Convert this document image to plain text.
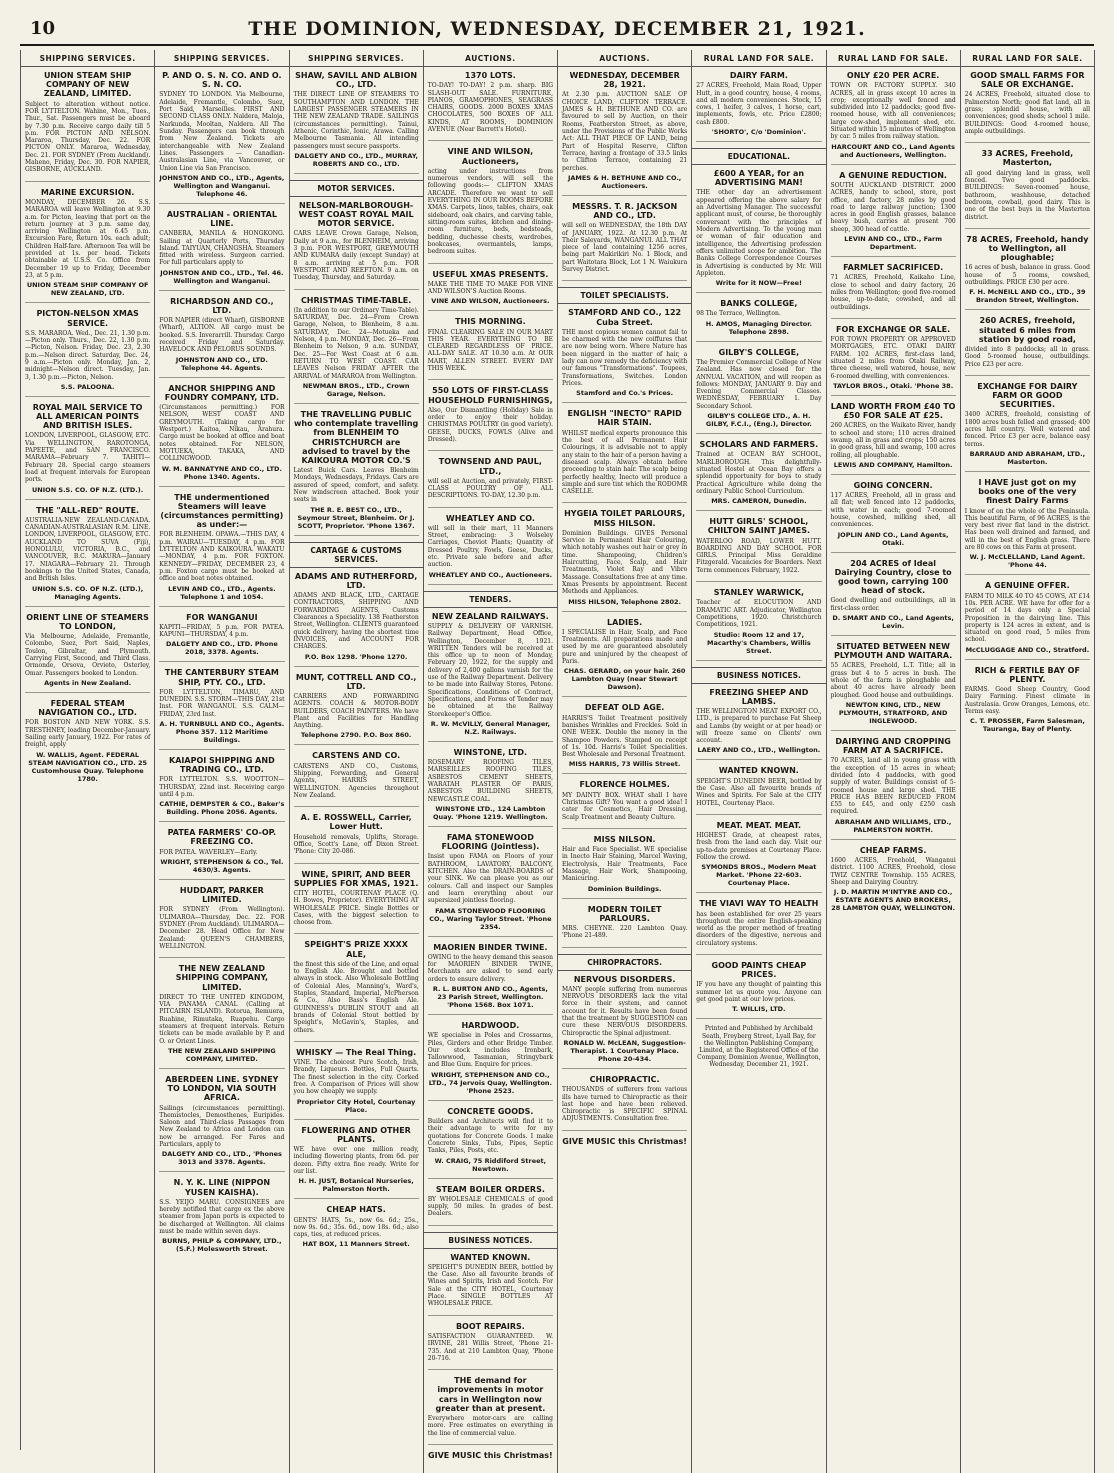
10	THE DOMINION, WEDNESDAY, DECEMBER 21, 1921.
SHIPPING SERVICES.
UNION STEAM SHIP COMPANY OF NEW ZEALAND, LIMITED.

Subject to alteration without notice. FOR LYTTELTON. Wahine, Mon., Tues., Thur., Sat. Passengers must be aboard by 7.30 p.m. Receive cargo daily till 5 p.m. FOR PICTON AND NELSON. Mararoa, Thursday, Dec. 22. FOR PICTON ONLY. Mararoa, Wednesday, Dec. 21. FOR SYDNEY (From Auckland). Maheno, Friday, Dec. 30. FOR NAPIER, GISBORNE, AUCKLAND.

MARINE EXCURSION.

MONDAY, DECEMBER 26. S.S. MARAROA will leave Wellington at 9.30 a.m. for Picton, leaving that port on the return journey at 3 p.m. same day, arriving Wellington at 6.45 p.m. Excursion Fare, Return 10s. each adult; Children Half-fare. Afternoon Tea will be provided at 1s. per head. Tickets obtainable at U.S.S. Co. Office from December 19 up to Friday, December 23, at 5 p.m.

UNION STEAM SHIP COMPANY OF NEW ZEALAND, LTD.
PICTON-NELSON XMAS SERVICE.

S.S. MARAROA. Wed., Dec. 21, 1.30 p.m.—Picton only. Thurs., Dec. 22, 1.30 p.m.—Picton, Nelson. Friday, Dec. 23, 2.30 p.m.—Nelson direct. Saturday, Dec. 24, 9 a.m.—Picton only. Monday, Jan. 2, midnight—Nelson direct. Tuesday, Jan. 3, 1.30 p.m.—Picton, Nelson.

S.S. PALOONA.
ROYAL MAIL SERVICE TO ALL AMERICAN POINTS AND BRITISH ISLES.

LONDON, LIVERPOOL, GLASGOW, ETC. Via WELLINGTON, RAROTONGA, PAPEETE, and SAN FRANCISCO. MARAMA—February 7. TAHITI—February 28. Special cargo steamers load at frequent intervals for European ports.

UNION S.S. CO. OF N.Z. (LTD.).
THE "ALL-RED" ROUTE.

AUSTRALIA-NEW ZEALAND-CANADA. CANADIAN-AUSTRALASIAN R.M. LINE. LONDON, LIVERPOOL, GLASGOW, ETC. AUCKLAND TO SUVA (Fiji), HONOLULU, VICTORIA, B.C., and VANCOUVER, B.C. MAKURA—January 17. NIAGARA—February 21. Through bookings to the United States, Canada, and British Isles.

UNION S.S. CO. OF N.Z. (LTD.), Managing Agents.
ORIENT LINE OF STEAMERS TO LONDON,

Via Melbourne, Adelaide, Fremantle, Colombo, Suez, Port Said, Naples, Toulon, Gibraltar, and Plymouth. Carrying First, Second, and Third Class. Ormonde, Orsova, Orvieto, Osterley, Omar. Passengers booked to London.

Agents in New Zealand.
FEDERAL STEAM NAVIGATION CO., LTD.

FOR BOSTON AND NEW YORK. S.S. TRESTHNEY, loading December-January. Sailing early January, 1922. For rates of freight, apply

W. WALLIS, Agent. FEDERAL STEAM NAVIGATION CO., LTD. 25 Customhouse Quay. Telephone 1780.
SHIPPING SERVICES.
P. AND O. S. N. CO. AND O. S. N. CO.

SYDNEY TO LONDON. Via Melbourne, Adelaide, Fremantle, Colombo, Suez, Port Said, Marseilles. FIRST AND SECOND CLASS ONLY. Naldera, Maloja, Narkunda, Mooltan, Naldera. All The Sunday. Passengers can book through from New Zealand. Tickets are interchangeable with New Zealand Lines. Passengers — Canadian-Australasian Line, via Vancouver, or Union Line via San Francisco.

JOHNSTON AND CO., LTD., Agents, Wellington and Wanganui. Telephone 46.
AUSTRALIAN - ORIENTAL LINE.

CANBERA, MANILA & HONGKONG. Sailing at Quarterly Ports, Thursday Island. TAIYUAN, CHANGSHA. Steamers fitted with wireless. Surgeon carried. For full particulars apply to

JOHNSTON AND CO., LTD., Tel. 46. Wellington and Wanganui.
RICHARDSON AND CO., LTD.

FOR NAPIER (direct Wharf), GISBORNE (Wharf), ALTION. All cargo must be booked. S.S. Inverarrill. Thursday. Cargo received Friday and Saturday. HAVELOCK AND PELORUS SOUNDS.

JOHNSTON AND CO., LTD. Telephone 44. Agents.
ANCHOR SHIPPING AND FOUNDRY COMPANY, LTD.

(Circumstances permitting.) FOR NELSON, WEST COAST AND GREYMOUTH. (Taking cargo for Westport.) Kaitoa, Nikau, Arahura. Cargo must be booked at office and boat notes obtained. For NELSON, MOTUEKA, TAKAKA, AND COLLINGWOOD.

W. M. BANNATYNE AND CO., LTD. Phone 1340. Agents.
THE undermentioned Steamers will leave (circumstances permitting) as under:—

FOR BLENHEIM. OPAWA.—THIS DAY, 4 p.m. WAIRAU—TUESDAY, 4 p.m. FOR LYTTELTON AND KAIKOURA. WAKATU—MONDAY, 4 p.m. FOR FOXTON. KENNEDY—FRIDAY, DECEMBER 23, 4 p.m. Foxton cargo must be booked at office and boat notes obtained.

LEVIN AND CO., LTD., Agents. Telephone 1 and 1054.
FOR WANGANUI

KAPITI—FRIDAY, 5 p.m. FOR PATEA. KAPUNI—THURSDAY, 4 p.m.

DALGETY AND CO., LTD. Phone 2018, 3378. Agents.
THE CANTERBURY STEAM SHIP, PTY. CO., LTD.

FOR LYTTELTON, TIMARU, AND DUNEDIN. S.S. STORM—THIS DAY, 21st Inst. FOR WANGANUI. S.S. CALM—FRIDAY, 23rd Inst.

A. H. TURNBULL AND CO., Agents. Phone 357. 112 Maritime Buildings.
KAIAPOI SHIPPING AND TRADING CO., LTD.

FOR LYTTELTON. S.S. WOOTTON—THURSDAY, 22nd inst. Receiving cargo until 4 p.m.

CATHIE, DEMPSTER & CO., Baker's Building. Phone 2056. Agents.
PATEA FARMERS' CO-OP. FREEZING CO.

FOR PATEA. WAVERLEY—Early.

WRIGHT, STEPHENSON & CO., Tel. 4630/3. Agents.
HUDDART, PARKER LIMITED.

FOR SYDNEY (From Wellington). ULIMAROA—Thursday, Dec. 22. FOR SYDNEY (From Auckland). ULIMAROA—December 28. Head Office for New Zealand: QUEEN'S CHAMBERS, WELLINGTON.

THE NEW ZEALAND SHIPPING COMPANY, LIMITED.

DIRECT TO THE UNITED KINGDOM, VIA PANAMA CANAL (Calling at PITCAIRN ISLAND). Rotorua, Remuera, Ruahine, Rimutaka, Ruapehu. Cargo steamers at frequent intervals. Return tickets can be made available by P. and O. or Orient Lines.

THE NEW ZEALAND SHIPPING COMPANY, LIMITED.
ABERDEEN LINE. SYDNEY TO LONDON, VIA SOUTH AFRICA.

Sailings (circumstances permitting). Themistocles, Demosthenes, Euripides. Saloon and Third-class Passages from New Zealand to Africa and London can now be arranged. For Fares and Particulars, apply to

DALGETY AND CO., LTD., 'Phones 3013 and 3378. Agents.
N. Y. K. LINE (NIPPON YUSEN KAISHA).

S.S. YEIJO MARU. CONSIGNEES are hereby notified that cargo ex the above steamer from Japan ports is expected to be discharged at Wellington. All claims must be made within seven days.

BURNS, PHILP & COMPANY, LTD., (S.F.) Molesworth Street.
SHIPPING SERVICES.
SHAW, SAVILL AND ALBION CO., LTD.

THE DIRECT LINE OF STEAMERS TO SOUTHAMPTON AND LONDON. THE LARGEST PASSENGER STEAMERS IN THE NEW ZEALAND TRADE. SAILINGS (circumstances permitting). Tainui, Athenic, Corinthic, Ionic, Arawa. Calling Melbourne Tasmania. All intending passengers must secure passports.

DALGETY AND CO., LTD., MURRAY, ROBERTS AND CO., LTD.
MOTOR SERVICES.
NELSON-MARLBOROUGH-WEST COAST ROYAL MAIL MOTOR SERVICE.

CARS LEAVE Crown Garage, Nelson, Daily at 9 a.m., for BLENHEIM, arriving 3 p.m. FOR WESTPORT, GREYMOUTH AND KUMARA daily (except Sunday) at 8 a.m. arriving at 5 p.m. FOR WESTPORT AND REEFTON. 9 a.m. on Tuesday, Thursday, and Saturday.

CHRISTMAS TIME-TABLE.

(In addition to our Ordinary Time-Table). SATURDAY, Dec. 24—From Crown Garage, Nelson, to Blenheim, 8 a.m. SATURDAY, Dec. 24—Motueka and Nelson, 4 p.m. MONDAY, Dec. 26—From Blenheim to Nelson, 9 a.m. SUNDAY, Dec. 25—For West Coast at 6 a.m. RETURN TO WEST COAST. CAR LEAVES Nelson FRIDAY AFTER the ARRIVAL of MARAROA from Wellington.

NEWMAN BROS., LTD., Crown Garage, Nelson.
THE TRAVELLING PUBLIC who contemplate travelling from BLENHEIM TO CHRISTCHURCH are advised to travel by the KAIKOURA MOTOR CO.'S

Latest Buick Cars. Leaves Blenheim Mondays, Wednesdays, Fridays. Cars are assured of speed, comfort, and safety. New windscreen attached. Book your seats in

THE R. E. BEST CO., LTD., Seymour Street, Blenheim. Or J. SCOTT, Proprietor. 'Phone 1367.
CARTAGE & CUSTOMS SERVICES.
ADAMS AND RUTHERFORD, LTD.

ADAMS AND BLACK, LTD., CARTAGE CONTRACTORS, SHIPPING AND FORWARDING AGENTS, Customs Clearances a Speciality. 138 Featherston Street, Wellington. CLIENTS guaranteed quick delivery, having the shortest time INVOICES, and ACCOUNT FOR CHARGES.

P.O. Box 1298. 'Phone 1270.
MUNT, COTTRELL AND CO., LTD.

CARRIERS AND FORWARDING AGENTS. COACH & MOTOR-BODY BUILDERS, COACH PAINTERS. We have Plant and Facilities for Handling Anything.

Telephone 2790. P.O. Box 860.
CARSTENS AND CO.

CARSTENS AND CO., Customs, Shipping, Forwarding, and General Agents, HARRIS STREET, WELLINGTON. Agencies throughout New Zealand.

A. E. ROSSWELL, Carrier, Lower Hutt.

Household removals, Uplifts, Storage. Office, Scott's Lane, off Dixon Street. 'Phone: City 20-086.

WINE, SPIRIT, AND BEER SUPPLIES FOR XMAS, 1921.

CITY HOTEL, COURTENAY PLACE (Q. H. Bowes, Proprietor). EVERYTHING AT WHOLESALE PRICE. Single Bottles or Cases, with the biggest selection to choose from.

SPEIGHT'S PRIZE XXXX ALE,

the finest this side of the Line, and equal to English Ale. Brought and bottled always in stock. Also Wholesale Bottling of Colonial Ales, Manning's, Ward's, Staples, Standard, Imperial, McPherson & Co., Also Bass's English Ale. GUINNESS's DUBLIN STOUT and all brands of Colonial Stout bottled by Speight's, McGavin's, Staples, and others.

WHISKY — The Real Thing.

VINE. The choicest Pure Scotch, Irish, Brandy, Liqueurs. Bottles, Full Quarts. The finest selection in the city. Corked free. A Comparison of Prices will show you how cheaply we supply.

Proprietor City Hotel, Courtenay Place.
FLOWERING AND OTHER PLANTS.

WE have over one million ready, including flowering plants, from 6d. per dozen. Fifty extra fine ready. Write for our list.

H. H. JUST, Botanical Nurseries, Palmerston North.
CHEAP HATS.

GENTS' HATS, 5s., now 6s. 6d.; 25s., now 9s. 6d.; 35s. 6d., now 18s. 6d.; also caps, ties, at reduced prices.

HAT BOX, 11 Manners Street.
AUCTIONS.
1370 LOTS.

TO-DAY! TO-DAY! 2 p.m. sharp. BIG SLASH-OUT SALE. FURNITURE, PIANOS, GRAMOPHONES, SEAGRASS CHAIRS, GOODS. 2000 BOXES XMAS CHOCOLATES, 500 BOXES OF ALL KINDS, AT ROOMS, DOMINION AVENUE (Near Barrett's Hotel).

VINE AND WILSON, Auctioneers,

acting under instructions from numerous vendors, will sell the following goods:— CLIFTON XMAS ARCADE. Therefore we want to sell EVERYTHING IN OUR ROOMS BEFORE XMAS. Carpets, linos, tables, chairs, oak sideboard, oak chairs, and carving table, sitting-room suites, kitchen and dining-room furniture, beds, bedsteads, bedding, duchesse chests, wardrobes, bookcases, overmantels, lamps, bedroom suites.

USEFUL XMAS PRESENTS.

MAKE THE TIME TO MAKE FOR VINE AND WILSON'S Auction Rooms.

VINE AND WILSON, Auctioneers.
THIS MORNING.

FINAL CLEARING SALE IN OUR MART THIS YEAR. EVERYTHING TO BE CLEARED REGARDLESS OF PRICE. ALL-DAY SALE. AT 10.30 a.m. At OUR MART, ALLEN STREET. EVERY DAY THIS WEEK.

550 LOTS OF FIRST-CLASS HOUSEHOLD FURNISHINGS,

Also, Our Dismantling (Holiday) Sale in order to enjoy their holiday. CHRISTMAS POULTRY (in good variety). GEESE, DUCKS, FOWLS (Alive and Dressed).

TOWNSEND AND PAUL, LTD.,

will sell at Auction, and privately, FIRST-CLASS POULTRY OF ALL DESCRIPTIONS. TO-DAY, 12.30 p.m.

WHEATLEY AND CO.

will sell in their mart, 11 Manners Street, embracing: 3 Wolseley Carriages, Cheviot Plants; Quantity of Dressed Poultry, Fowls, Geese, Ducks, etc. Private sale before and after auction.

WHEATLEY AND CO., Auctioneers.
TENDERS.
NEW ZEALAND RAILWAYS.

SUPPLY & DELIVERY OF VARNISH. Railway Department, Head Office, Wellington, December 8, 1921. WRITTEN Tenders will be received at this office up to noon of Monday, February 20, 1922, for the supply and delivery of 2,400 gallons varnish for the use of the Railway Department. Delivery to be made into Railway Stores, Petone. Specifications, Conditions of Contract, Specifications, and Forms of Tender may be obtained at the Railway Storekeeper's Office.

R. W. McVILLY, General Manager, N.Z. Railways.
WINSTONE, LTD.

ROSEMARY ROOFING TILES, MARSEILLES ROOFING TILES, ASBESTOS CEMENT SHEETS, WARATAH PLASTER OF PARIS, ASBESTOS BUILDING SHEETS, NEWCASTLE COAL.

WINSTONE LTD., 124 Lambton Quay. 'Phone 1219. Wellington.
FAMA STONEWOOD FLOORING (Jointless).

Insist upon FAMA on Floors of your BATHROOM, LAVATORY, BALCONY, KITCHEN. Also the DRAIN-BOARDS of your SINK. We can please you as our colours. Call and inspect our Samples and learn everything about our supersized jointless flooring.

FAMA STONEWOOD FLOORING CO., Waring Taylor Street. 'Phone 2354.
MAORIEN BINDER TWINE.

OWING to the heavy demand this season for MAORIEN BINDER TWINE, Merchants are asked to send early orders to ensure delivery.

R. L. BURTON AND CO., Agents, 23 Parish Street, Wellington. 'Phone 1568. Box 1071.
HARDWOOD.

WE specialise in Poles and Crossarms, Piles, Girders and other Bridge Timber. Our stock includes Ironbark, Tallowwood, Tasmanian, Stringybark and Blue Gum. Enquire for prices.

WRIGHT, STEPHENSON AND CO., LTD., 74 Jervois Quay, Wellington. 'Phone 2523.
CONCRETE GOODS.

Builders and Architects will find it to their advantage to write for my quotations for Concrete Goods. I make Concrete Sinks, Tubs, Pipes, Septic Tanks, Piles, Posts, etc.

W. CRAIG, 75 Riddiford Street, Newtown.
STEAM BOILER ORDERS.

BY WHOLESALE CHEMICALS of good supply, 50 miles. In grades of best. Dealers.

BUSINESS NOTICES.
WANTED KNOWN.

SPEIGHT'S DUNEDIN BEER, bottled by the Case. Also all favourite brands of Wines and Spirits, Irish and Scotch. For Sale at the CITY HOTEL, Courtenay Place. SINGLE BOTTLES AT WHOLESALE PRICE.

BOOT REPAIRS.

SATISFACTION GUARANTEED. W. IRVINE, 281 Willis Street, 'Phone 21-735. And at 210 Lambton Quay, 'Phone 20-716.

THE demand for improvements in motor cars in Wellington now greater than at present.

Everywhere motor-cars are calling more. Free estimates on everything in the line of commercial value.

GIVE MUSIC this Christmas!
AUCTIONS.
WEDNESDAY, DECEMBER 28, 1921.

At 2.30 p.m. AUCTION SALE OF CHOICE LAND, CLIFTON TERRACE. JAMES & H. BETHUNE AND CO. are favoured to sell by Auction, on their Rooms, Featherston Street, as above, under the Provisions of the Public Works Act: ALL THAT PIECE OF LAND, being Part of Hospital Reserve, Clifton Terrace, having a frontage of 33.5 links to Clifton Terrace, containing 21 perches.

JAMES & H. BETHUNE AND CO., Auctioneers.
MESSRS. T. R. JACKSON AND CO., LTD.

will sell on WEDNESDAY, the 18th DAY of JANUARY, 1922. At 12.30 p.m. At Their Saleyards, WANGANUI. ALL THAT piece of land containing 1256 acres, being part Makirikiri No. 1 Block, and part Waitotara Block, Lot 1 N. Waiukura Survey District.

TOILET SPECIALISTS.
STAMFORD AND CO., 122 Cuba Street.

THE most copious women cannot fail to be charmed with the new coiffures that are now being worn. Where Nature has been niggard in the matter of hair, a lady can now remedy the deficiency with our famous "Transformations". Toupees, Transformations, Switches. London Prices.

Stamford and Co.'s Prices.
ENGLISH "INECTO" RAPID HAIR STAIN.

WHILST medical experts pronounce this the best of all Permanent Hair Colourings, it is advisable not to apply any stain to the hair of a person having a diseased scalp. Always obtain before proceeding to stain hair. The scalp being perfectly healthy, Inecto will produce a simple and sure tint which the RODOMR CASELLE.

HYGEIA TOILET PARLOURS, MISS HILSON.

Dominion Buildings. GIVES Personal Service in Permanent Hair Colouring, which notably washes out hair or grey in time. Shampooing, Children's Haircutting, Face, Scalp, and Hair Treatments, Violet Ray and Vibro Massage. Consultations free at any time. Xmas Presents by appointment. Recent Methods and Appliances.

MISS HILSON, Telephone 2802.
LADIES.

I SPECIALISE in Hair, Scalp, and Face Treatments. All preparations made and used by me are guaranteed absolutely pure and uninjured by the cheapest of Paris.

CHAS. GERARD, on your hair. 260 Lambton Quay (near Stewart Dawson).
DEFEAT OLD AGE.

HARRIS'S Toilet Treatment positively banishes Wrinkles and Freckles. Sold in ONE WEEK. Double the money in the Shampoo Powders. Stamped on receipt of 1s. 10d. Harris's Toilet Specialities. Best Wholesale and Personal Treatment.

MISS HARRIS, 73 Willis Street.
FLORENCE HOLMES.

MY DAINTY BOX. WHAT shall I have Christmas Gift? You want a good idea! I cater for Cosmetics, Hair Dressing, Scalp Treatment and Beauty Culture.

MISS NILSON.

Hair and Face Specialist. WE specialise in Inecto Hair Staining, Marcel Waving, Electrolysis, Hair Treatments, Face Massage, Hair Work, Shampooing, Manicuring.

Dominion Buildings.
MODERN TOILET PARLOURS.

MRS. CHEYNE. 220 Lambton Quay. 'Phone 21-489.

CHIROPRACTORS.
NERVOUS DISORDERS.

MANY people suffering from numerous NERVOUS DISORDERS lack the vital force in their system, and cannot account for it. Results have been found that the treatment by SUGGESTION can cure these NERVOUS DISORDERS. Chiropractic the Spinal adjustment.

RONALD W. McLEAN, Suggestion-Therapist. 1 Courtenay Place. Phone 20-434.
CHIROPRACTIC.

THOUSANDS of sufferers from various ills have turned to Chiropractic as their last hope and have been relieved. Chiropractic is SPECIFIC SPINAL ADJUSTMENTS. Consultation free.

GIVE MUSIC this Christmas!
RURAL LAND FOR SALE.
DAIRY FARM.

27 ACRES, Freehold, Main Road, Upper Hutt, in a good country, house, 4 rooms, and all modern conveniences. Stock, 15 cows, 1 heifer, 3 calves, 1 horse, cart, implements, fowls, etc. Price £2800; cash £800.

'SHORTO', C/o 'Dominion'.
EDUCATIONAL.
£600 A YEAR, for an ADVERTISING MAN!

THE other day an advertisement appeared offering the above salary for an Advertising Manager. The successful applicant must, of course, be thoroughly conversant with the principles of Modern Advertising. To the young man or woman of fair education and intelligence, the Advertising profession offers unlimited scope for ambition. The Banks College Correspondence Courses in Advertising is conducted by Mr. Will Appleton.

Write for it NOW—Free!
BANKS COLLEGE,

98 The Terrace, Wellington.

H. AMOS, Managing Director. Telephone 2898.
GILBY'S COLLEGE,

The Premier Commercial College of New Zealand. Has now closed for the ANNUAL VACATION, and will reopen as follows: MONDAY, JANUARY 9. Day and Evening Commercial Classes. WEDNESDAY, FEBRUARY 1. Day Secondary School.

GILBY'S COLLEGE LTD., A. H. GILBY, F.C.I., (Eng.), Director.
SCHOLARS AND FARMERS.

Trained at OCEAN BAY SCHOOL, MARLBOROUGH. This delightfully-situated Hostel at Ocean Bay offers a splendid opportunity for boys to study Practical Agriculture while doing the ordinary Public School Curriculum.

MRS. CAMERON, Dunedin.
HUTT GIRLS' SCHOOL, CHILTON SAINT JAMES.

WATERLOO ROAD, LOWER HUTT. BOARDING AND DAY SCHOOL FOR GIRLS. Principal Miss Geraldine Fitzgerald. Vacancies for Boarders. Next Term commences February, 1922.

STANLEY WARWICK,

Teacher of ELOCUTION AND DRAMATIC ART. Adjudicator, Wellington Competitions, 1920. Christchurch Competitions, 1921.

Studio: Room 12 and 17, Macarthy's Chambers, Willis Street.
BUSINESS NOTICES.
FREEZING SHEEP AND LAMBS.

THE WELLINGTON MEAT EXPORT CO., LTD., is prepared to purchase Fat Sheep and Lambs (by weight or at per head) or will freeze same on Clients' own account.

LAERY AND CO., LTD., Wellington.
WANTED KNOWN.

SPEIGHT'S DUNEDIN BEER, bottled by the Case. Also all favourite brands of Wines and Spirits. For Sale at the CITY HOTEL, Courtenay Place.

MEAT. MEAT. MEAT.

HIGHEST Grade, at cheapest rates, fresh from the land each day. Visit our up-to-date premises at Courtenay Place. Follow the crowd.

SYMONDS BROS., Modern Meat Market. 'Phone 22-603. Courtenay Place.
THE VIAVI WAY TO HEALTH

has been established for over 25 years throughout the entire English-speaking world as the proper method of treating disorders of the digestive, nervous and circulatory systems.

GOOD PAINTS CHEAP PRICES.

IF you have any thought of painting this summer let us quote you. Anyone can get good paint at our low prices.

T. WILLIS, LTD.
Printed and Published by Archibald Seath, Freyberg Street, Lyall Bay, for the Wellington Publishing Company, Limited, at the Registered Office of the Company, Dominion Avenue, Wellington, Wednesday, December 21, 1921.
RURAL LAND FOR SALE.
ONLY £20 PER ACRE.

TOWN OR FACTORY SUPPLY. 340 ACRES, all in grass except 10 acres in crop; exceptionally well fenced and subdivided into 12 paddocks; good five-roomed house, with all conveniences; large cow-shed, implement shed, etc. Situated within 15 minutes of Wellington by car. 5 miles from railway station.

HARCOURT AND CO., Land Agents and Auctioneers, Wellington.
A GENUINE REDUCTION.

SOUTH AUCKLAND DISTRICT. 2000 ACRES, handy to school, store, post office, and factory, 28 miles by good road to large railway junction; 1300 acres in good English grasses, balance heavy bush, carries at present 700 sheep, 300 head of cattle.

LEVIN AND CO., LTD., Farm Department.
FARMLET SACRIFICED.

71 ACRES, Freehold, Kaikaho Line, close to school and dairy factory, 26 miles from Wellington; good five-roomed house, up-to-date, cowshed, and all outbuildings.

FOR EXCHANGE OR SALE.

FOR TOWN PROPERTY OR APPROVED MORTGAGES, ETC. OTAKI DAIRY FARM. 102 ACRES, first-class land, situated 2 miles from Otaki Railway, three cheese, well watered, house, new 6-roomed dwelling, with conveniences.

TAYLOR BROS., Otaki. 'Phone 38.
LAND WORTH FROM £40 TO £50 FOR SALE AT £25.

260 ACRES, on the Waikato River, handy to school and store; 110 acres drained swamp, all in grass and crops; 150 acres in good grass, hill and swamp, 100 acres rolling, all ploughable.

LEWIS AND COMPANY, Hamilton.
GOING CONCERN.

117 ACRES, Freehold, all in grass and all flat; well fenced into 12 paddocks, with water in each; good 7-roomed house, cowshed, milking shed, all conveniences.

JOPLIN AND CO., Land Agents, Otaki.
204 ACRES of Ideal Dairying Country, close to good town, carrying 100 head of stock.

Good dwelling and outbuildings, all in first-class order.

D. SMART AND CO., Land Agents, Levin.
SITUATED BETWEEN NEW PLYMOUTH AND WAITARA.

55 ACRES, Freehold, L.T. Title; all in grass but 4 to 5 acres in bush. The whole of the farm is ploughable and about 40 acres have already been ploughed. Good house and outbuildings.

NEWTON KING, LTD., NEW PLYMOUTH, STRATFORD, AND INGLEWOOD.
DAIRYING AND CROPPING FARM AT A SACRIFICE.

70 ACRES, land all in young grass with the exception of 15 acres in wheat; divided into 4 paddocks, with good supply of water. Buildings consist of 5-roomed house and large shed. THE PRICE HAS BEEN REDUCED FROM £55 to £45, and only £250 cash required.

ABRAHAM AND WILLIAMS, LTD., PALMERSTON NORTH.
CHEAP FARMS.

1600 ACRES, Freehold, Wanganui district. 1100 ACRES, Freehold, close TWIZ CENTRE Township. 155 ACRES, Sheep and Dairying Country.

J. D. MARTIN M'INTYRE AND CO., ESTATE AGENTS AND BROKERS, 28 LAMBTON QUAY, WELLINGTON.
RURAL LAND FOR SALE.
GOOD SMALL FARMS FOR SALE OR EXCHANGE.

24 ACRES, Freehold, situated close to Palmerston North; good flat land, all in grass; splendid house, with all conveniences; good sheds; school 1 mile. BUILDINGS: Good 4-roomed house, ample outbuildings.

33 ACRES, Freehold, Masterton,

all good dairying land in grass, well fenced. Two good paddocks. BUILDINGS: Seven-roomed house, bathroom, washhouse, detached bedroom, cowbail, good dairy. This is one of the best buys in the Masterton district.

78 ACRES, Freehold, handy to Wellington, all ploughable;

16 acres of bush, balance in grass. Good house of 5 rooms, cowshed, outbuildings. PRICE £30 per acre.

F. H. McNEILL AND CO., LTD., 39 Brandon Street, Wellington.
260 ACRES, freehold, situated 6 miles from station by good road,

divided into 8 paddocks; all in grass. Good 5-roomed house, outbuildings. Price £23 per acre.

EXCHANGE FOR DAIRY FARM OR GOOD SECURITIES.

3400 ACRES, freehold, consisting of 1800 acres bush felled and grassed; 400 acres hill country. Well watered and fenced. Price £3 per acre, balance easy terms.

BARRAUD AND ABRAHAM, LTD., Masterton.
I HAVE just got on my books one of the very finest Dairy Farms

I know of on the whole of the Peninsula. This beautiful Farm, of 96 ACRES, is the very best river flat land in the district. Has been well drained and farmed, and will in the best of English grass. There are 80 cows on this Farm at present.

W. J. McCLELLAND, Land Agent. 'Phone 44.
A GENUINE OFFER.

FARM TO MILK 40 TO 45 COWS, AT £14 10s. PER ACRE. WE have for offer for a period of 14 days only a Special Proposition in the dairying line. This property is 124 acres in extent, and is situated on good road, 5 miles from school.

McCLUGGAGE AND CO., Stratford.
RICH & FERTILE BAY OF PLENTY.

FARMS. Good Sheep Country, Good Dairy Farming. Finest climate in Australasia. Grow Oranges, Lemons, etc. Terms easy.

C. T. PROSSER, Farm Salesman, Tauranga, Bay of Plenty.
